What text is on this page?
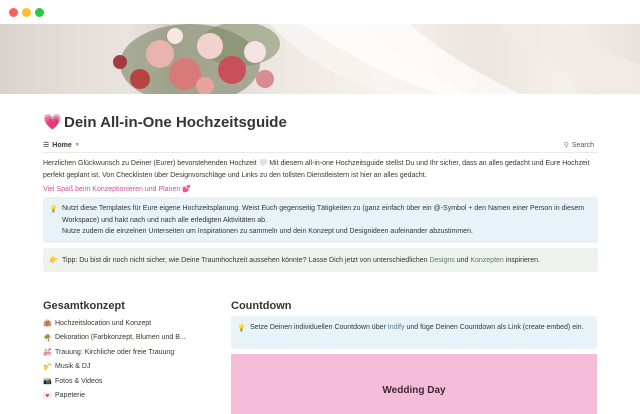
💗 Dein All-in-One Hochzeitsguide
☰ Home ▼	⚲ Search

Herzlichen Glückwunsch zu Deiner (Eurer) bevorstehenden Hochzeit 🤍 Mit diesem all-in-one Hochzeitsguide stellst Du und Ihr sicher, dass an alles gedacht und Eure Hochzeit perfekt geplant ist. Von Checklisten über Designvorschläge und Links zu den tollsten Dienstleistern ist hier an alles gedacht.

Viel Spaß beim Konzeptionieren und Planen 💕
💡 Nutzt diese Templates für Eure eigene Hochzeitsplanung. Weist Euch gegenseitig Tätigkeiten zu (ganz einfach über ein @-Symbol + den Namen einer Person in diesem Workspace) und hakt nach und nach alle erledigten Aktivitäten ab.
Nutze zudem die einzelnen Unterseiten um Inspirationen zu sammeln und dein Konzept und Designideen aufeinander abzustimmen.
👉 Tipp: Du bist dir noch nicht sicher, wie Deine Traumhochzeit aussehen könnte? Lasse Dich jetzt von unterschiedlichen Designs und Konzepten inspirieren.
Gesamtkonzept	Countdown
🏨 Hochzeitslocation und Konzept
🌴 Dekoration (Farbkonzept, Blumen und B...
💒 Trauung: Kirchliche oder freie Trauung
🎷 Musik & DJ
📸 Fotos & Videos
💌 Papeterie
💡 Setze Deinen individuellen Countdown über Indify und füge Deinen Countdown als Link (create embed) ein.
Wedding Day
